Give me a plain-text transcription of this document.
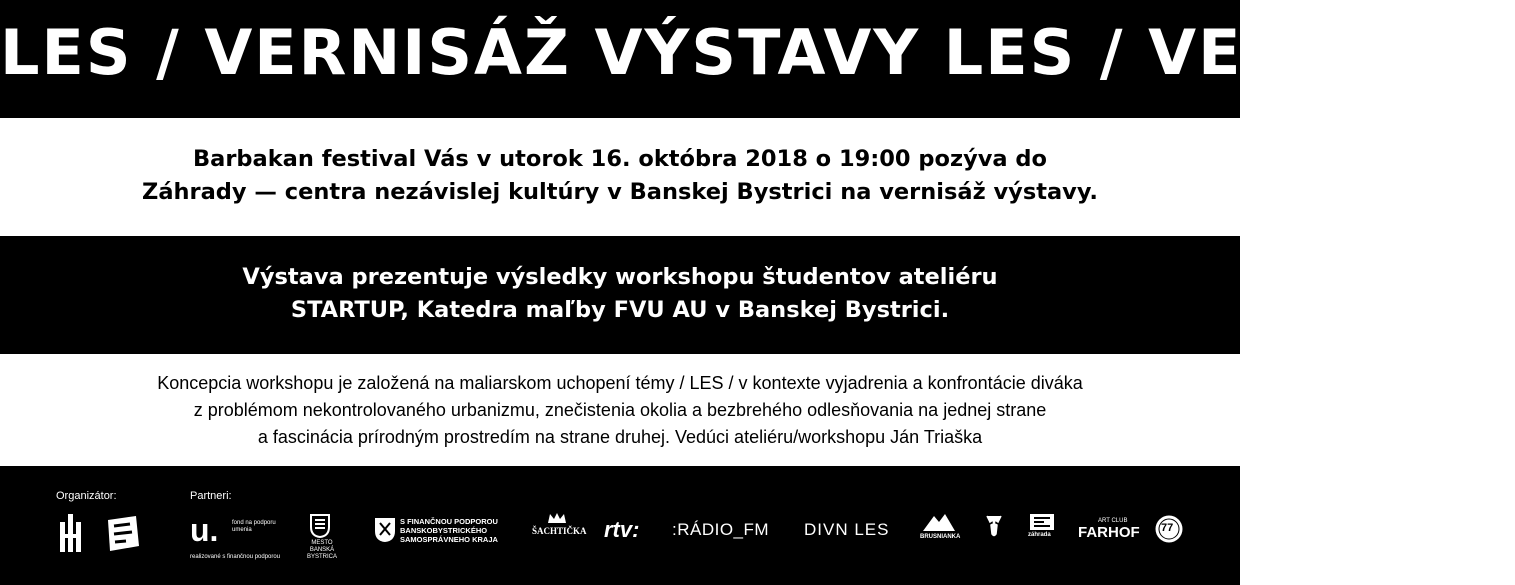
LES / VERNISÁŽ VÝSTAVY LES / VERNISÁŽ

Barbakan festival Vás v utorok 16. októbra 2018 o 19:00 pozýva do
Záhrady — centra nezávislej kultúry v Banskej Bystrici na vernisáž výstavy.

Výstava prezentuje výsledky workshopu študentov ateliéru
STARTUP, Katedra maľby FVU AU v Banskej Bystrici.

Koncepcia workshopu je založená na maliarskom uchopení témy / LES / v kontexte vyjadrenia a konfrontácie diváka
z problémom nekontrolovaného urbanizmu, znečistenia okolia a bezbrehého odlesňovania na jednej strane
a fascinácia prírodným prostredím na strane druhej. Vedúci ateliéru/workshopu Ján Triaška

Organizátor:	Partneri:
u. fond na podporu umenia
realizované s finančnou podporou
MESTO BANSKÁ BYSTRICA
S FINANČNOU PODPOROU BANSKOBYSTRICKÉHO SAMOSPRÁVNEHO KRAJA
ŠACHTIČKA rtv: :RÁDIO_FM DIVN LES	BRUSNIANKA	záhrada
ART CLUB
FARHOF 77
